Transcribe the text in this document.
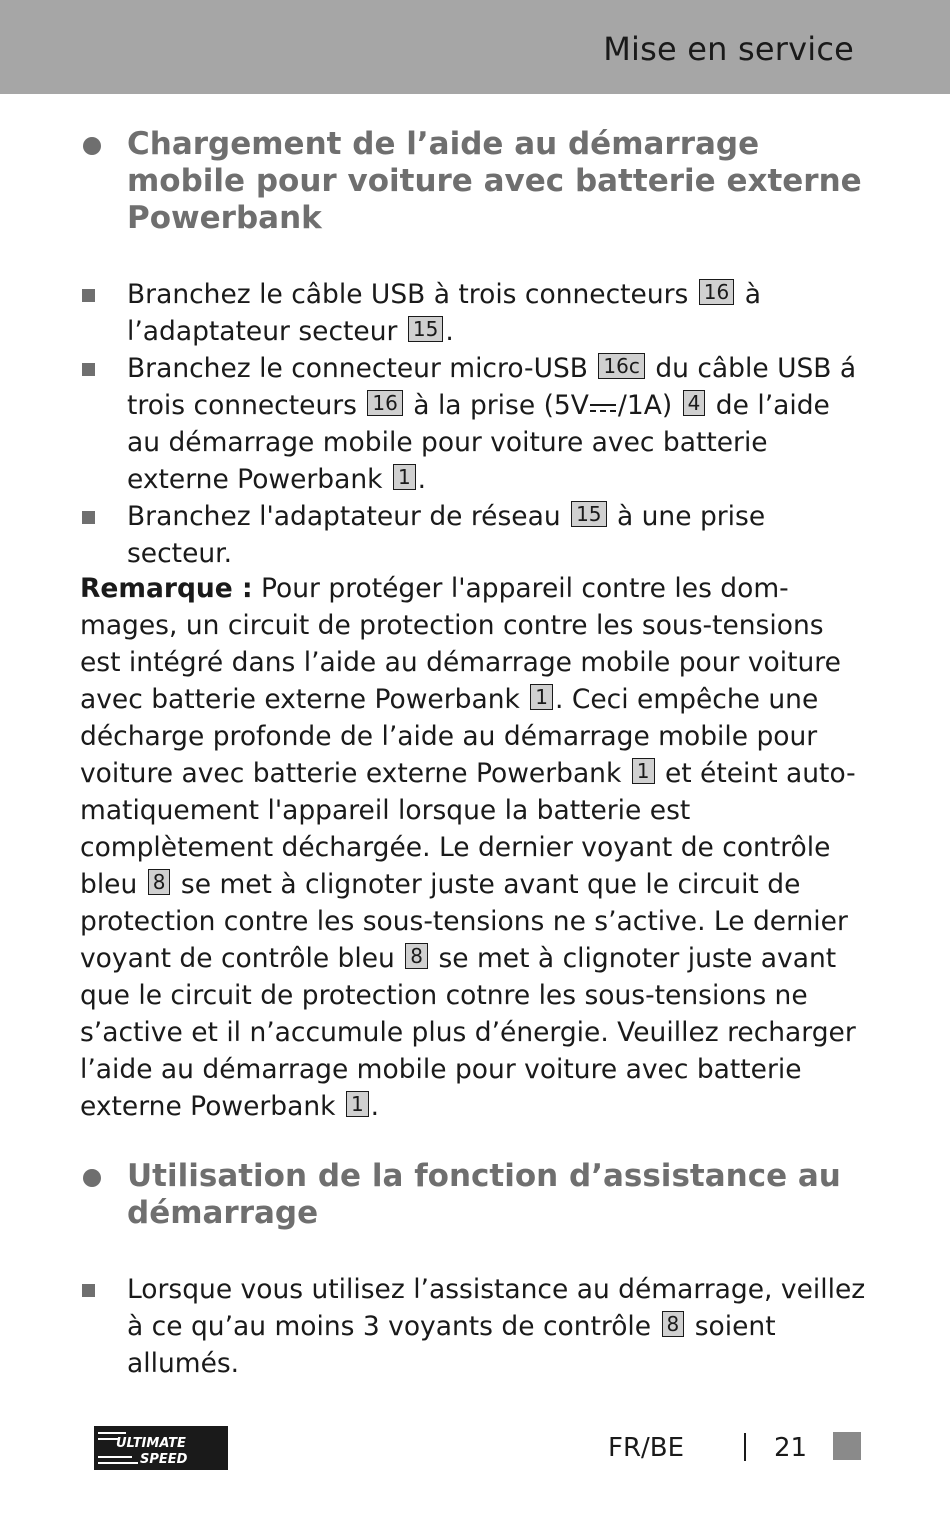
Mise en service
Chargement de l’aide au démarrage mobile pour voiture avec batterie externe Powerbank
Branchez le câble USB à trois connecteurs 16 à l’adaptateur secteur 15 .
Branchez le connecteur micro-USB 16c du câble USB á trois connecteurs 16 à la prise (5V /1A) 4 de l’aide au démarrage mobile pour voiture avec batterie externe Powerbank 1 .
Branchez l'adaptateur de réseau 15 à une prise secteur.
Remarque : Pour protéger l'appareil contre les dom-mages, un circuit de protection contre les sous-tensions est intégré dans l’aide au démarrage mobile pour voiture avec batterie externe Powerbank 1 . Ceci empêche une décharge profonde de l’aide au démarrage mobile pour voiture avec batterie externe Powerbank 1 et éteint auto-matiquement l'appareil lorsque la batterie est complètement déchargée. Le dernier voyant de contrôle bleu 8 se met à clignoter juste avant que le circuit de protection contre les sous-tensions ne s’active. Le dernier voyant de contrôle bleu 8 se met à clignoter juste avant que le circuit de protection cotnre les sous-tensions ne s’active et il n’accumule plus d’énergie. Veuillez recharger l’aide au démarrage mobile pour voiture avec batterie externe Powerbank 1 .
Utilisation de la fonction d’assistance au démarrage
Lorsque vous utilisez l’assistance au démarrage, veillez à ce qu’au moins 3 voyants de contrôle 8 soient allumés.
ULTIMATE
SPEED	FR/BE	21
